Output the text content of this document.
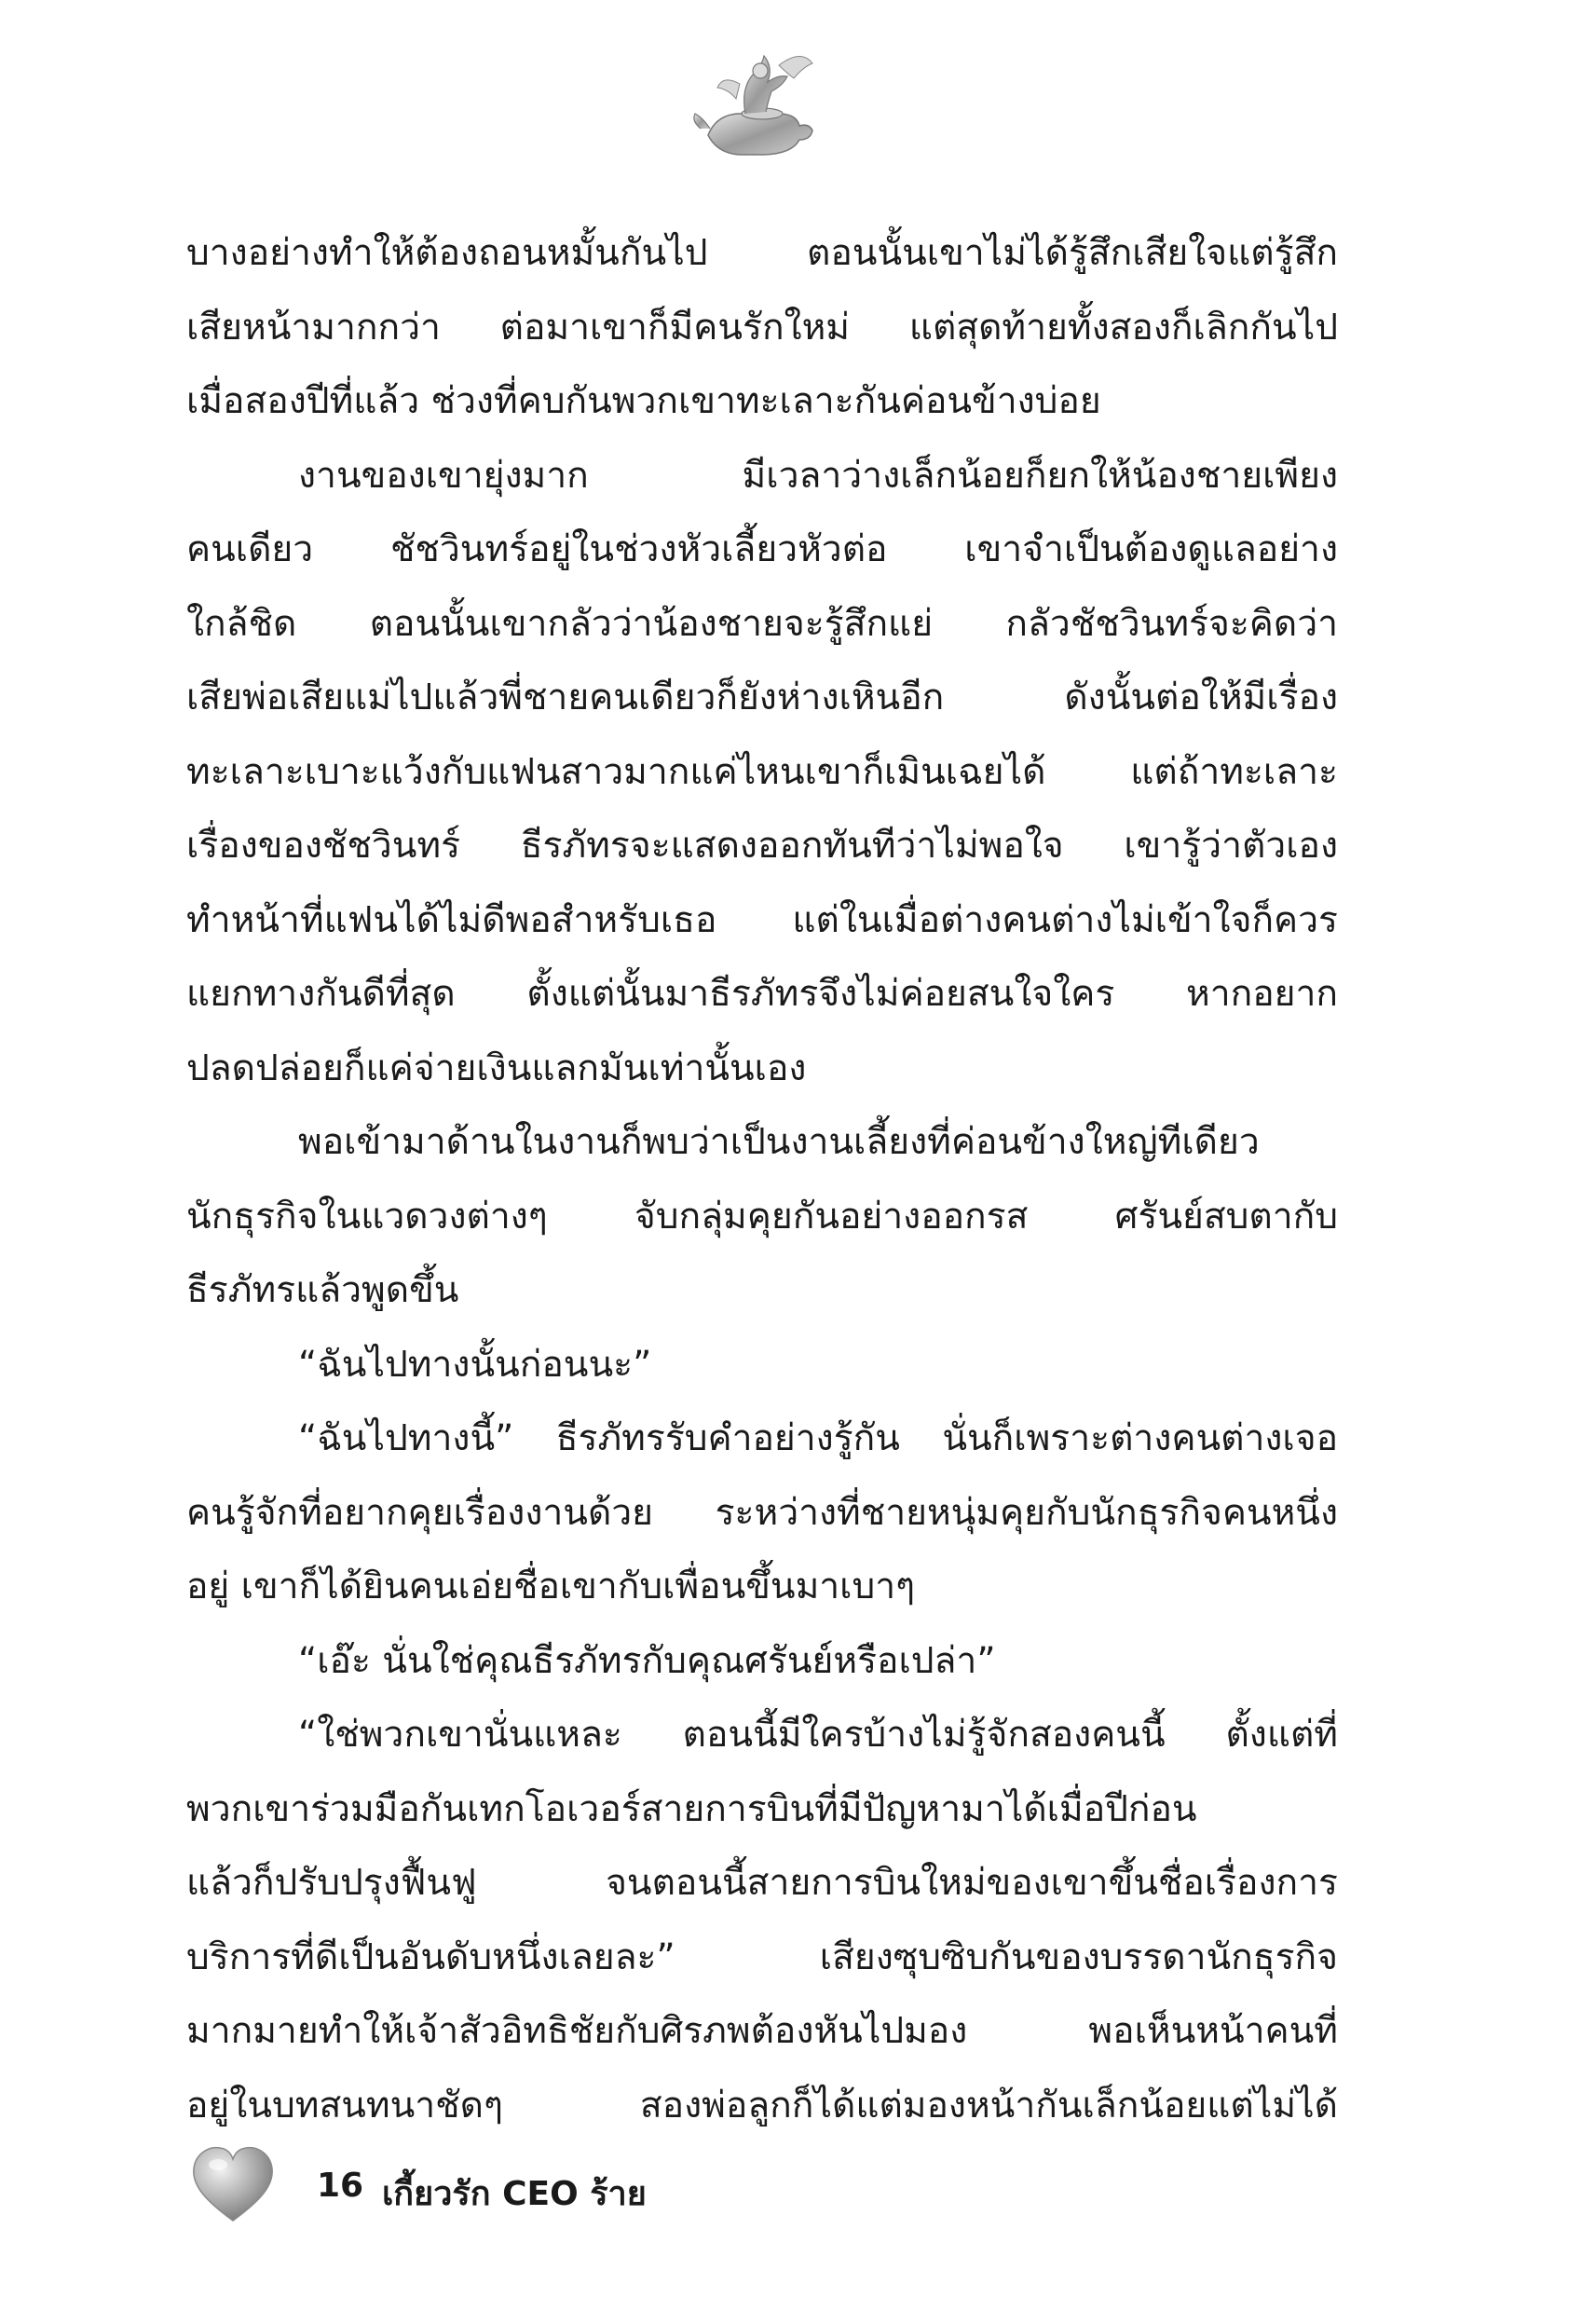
บางอย่างทำให้ต้องถอนหมั้นกันไป ตอนนั้นเขาไม่ได้รู้สึกเสียใจแต่รู้สึก
เสียหน้ามากกว่า ต่อมาเขาก็มีคนรักใหม่ แต่สุดท้ายทั้งสองก็เลิกกันไป
เมื่อสองปีที่แล้ว ช่วงที่คบกันพวกเขาทะเลาะกันค่อนข้างบ่อย
งานของเขายุ่งมาก มีเวลาว่างเล็กน้อยก็ยกให้น้องชายเพียง
คนเดียว ชัชวินทร์อยู่ในช่วงหัวเลี้ยวหัวต่อ เขาจำเป็นต้องดูแลอย่าง
ใกล้ชิด ตอนนั้นเขากลัวว่าน้องชายจะรู้สึกแย่ กลัวชัชวินทร์จะคิดว่า
เสียพ่อเสียแม่ไปแล้วพี่ชายคนเดียวก็ยังห่างเหินอีก ดังนั้นต่อให้มีเรื่อง
ทะเลาะเบาะแว้งกับแฟนสาวมากแค่ไหนเขาก็เมินเฉยได้ แต่ถ้าทะเลาะ
เรื่องของชัชวินทร์ ธีรภัทรจะแสดงออกทันทีว่าไม่พอใจ เขารู้ว่าตัวเอง
ทำหน้าที่แฟนได้ไม่ดีพอสำหรับเธอ แต่ในเมื่อต่างคนต่างไม่เข้าใจก็ควร
แยกทางกันดีที่สุด ตั้งแต่นั้นมาธีรภัทรจึงไม่ค่อยสนใจใคร หากอยาก
ปลดปล่อยก็แค่จ่ายเงินแลกมันเท่านั้นเอง
พอเข้ามาด้านในงานก็พบว่าเป็นงานเลี้ยงที่ค่อนข้างใหญ่ทีเดียว
นักธุรกิจในแวดวงต่างๆ จับกลุ่มคุยกันอย่างออกรส ศรันย์สบตากับ
ธีรภัทรแล้วพูดขึ้น
“ฉันไปทางนั้นก่อนนะ”
“ฉันไปทางนี้” ธีรภัทรรับคำอย่างรู้กัน นั่นก็เพราะต่างคนต่างเจอ
คนรู้จักที่อยากคุยเรื่องงานด้วย ระหว่างที่ชายหนุ่มคุยกับนักธุรกิจคนหนึ่ง
อยู่ เขาก็ได้ยินคนเอ่ยชื่อเขากับเพื่อนขึ้นมาเบาๆ
“เอ๊ะ นั่นใช่คุณธีรภัทรกับคุณศรันย์หรือเปล่า”
“ใช่พวกเขานั่นแหละ ตอนนี้มีใครบ้างไม่รู้จักสองคนนี้ ตั้งแต่ที่
พวกเขาร่วมมือกันเทกโอเวอร์สายการบินที่มีปัญหามาได้เมื่อปีก่อน
แล้วก็ปรับปรุงฟื้นฟู จนตอนนี้สายการบินใหม่ของเขาขึ้นชื่อเรื่องการ
บริการที่ดีเป็นอันดับหนึ่งเลยละ” เสียงซุบซิบกันของบรรดานักธุรกิจ
มากมายทำให้เจ้าสัวอิทธิชัยกับศิรภพต้องหันไปมอง พอเห็นหน้าคนที่
อยู่ในบทสนทนาชัดๆ สองพ่อลูกก็ได้แต่มองหน้ากันเล็กน้อยแต่ไม่ได้
16 เกี้ยวรัก CEO ร้าย
